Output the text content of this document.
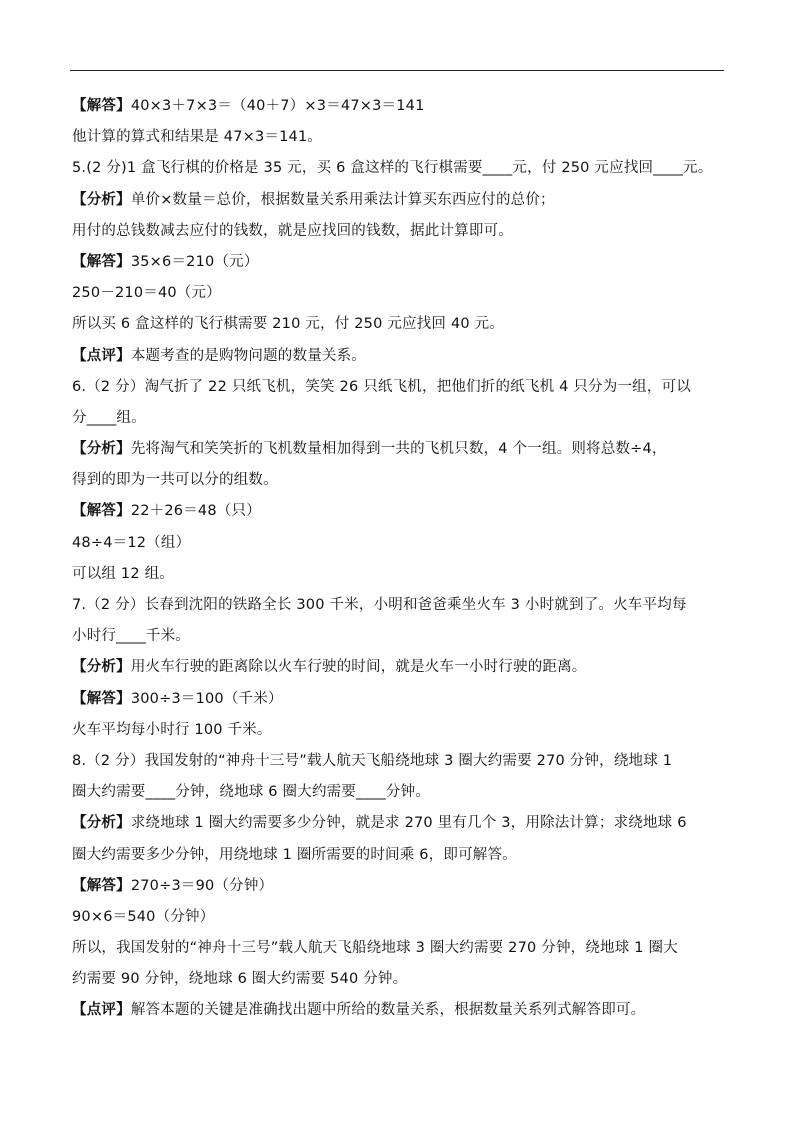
【解答】40×3＋7×3＝（40＋7）×3＝47×3＝141
他计算的算式和结果是 47×3＝141。
5.(2 分)1 盒飞行棋的价格是 35 元，买 6 盒这样的飞行棋需要____元，付 250 元应找回____元。
【分析】单价×数量＝总价，根据数量关系用乘法计算买东西应付的总价；
用付的总钱数减去应付的钱数，就是应找回的钱数，据此计算即可。
【解答】35×6＝210（元）
250－210＝40（元）
所以买 6 盒这样的飞行棋需要 210 元，付 250 元应找回 40 元。
【点评】本题考查的是购物问题的数量关系。
6.（2 分）淘气折了 22 只纸飞机，笑笑 26 只纸飞机，把他们折的纸飞机 4 只分为一组，可以
分____组。
【分析】先将淘气和笑笑折的飞机数量相加得到一共的飞机只数，4 个一组。则将总数÷4，
得到的即为一共可以分的组数。
【解答】22＋26＝48（只）
48÷4＝12（组）
可以组 12 组。
7.（2 分）长春到沈阳的铁路全长 300 千米，小明和爸爸乘坐火车 3 小时就到了。火车平均每
小时行____千米。
【分析】用火车行驶的距离除以火车行驶的时间，就是火车一小时行驶的距离。
【解答】300÷3＝100（千米）
火车平均每小时行 100 千米。
8.（2 分）我国发射的“神舟十三号”载人航天飞船绕地球 3 圈大约需要 270 分钟，绕地球 1
圈大约需要____分钟，绕地球 6 圈大约需要____分钟。
【分析】求绕地球 1 圈大约需要多少分钟，就是求 270 里有几个 3，用除法计算；求绕地球 6
圈大约需要多少分钟，用绕地球 1 圈所需要的时间乘 6，即可解答。
【解答】270÷3＝90（分钟）
90×6＝540（分钟）
所以，我国发射的“神舟十三号”载人航天飞船绕地球 3 圈大约需要 270 分钟，绕地球 1 圈大
约需要 90 分钟，绕地球 6 圈大约需要 540 分钟。
【点评】解答本题的关键是准确找出题中所给的数量关系，根据数量关系列式解答即可。
